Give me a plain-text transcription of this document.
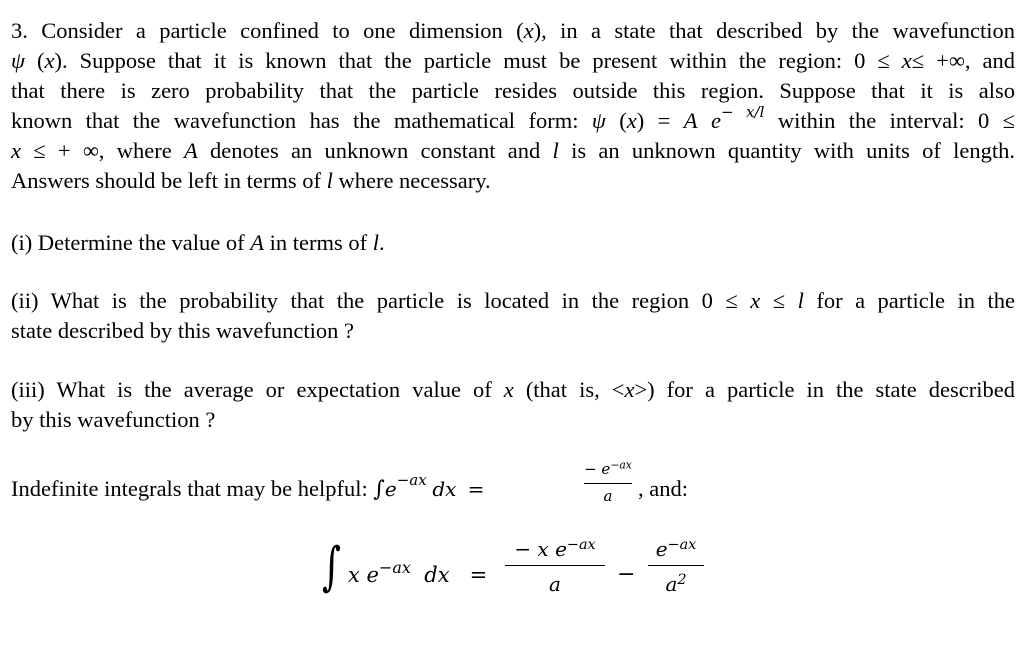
3. Consider a particle confined to one dimension (x), in a state that described by the wavefunction
ψ (x). Suppose that it is known that the particle must be present within the region: 0 ≤ x≤ +∞, and
that there is zero probability that the particle resides outside this region. Suppose that it is also
known that the wavefunction has the mathematical form: ψ (x) = A $e^{- x/l}$ within the interval: 0 ≤
x ≤ + ∞, where A denotes an unknown constant and l is an unknown quantity with units of length.
Answers should be left in terms of l where necessary.
(i) Determine the value of A in terms of l.
(ii) What is the probability that the particle is located in the region 0 ≤ x ≤ l for a particle in the
state described by this wavefunction ?
(iii) What is the average or expectation value of x (that is, <x>) for a particle in the state described
by this wavefunction ?
Indefinite integrals that may be helpful: $\int e^{-ax}$ dx =
− $e^{-ax}$
a	, and:
∫ x $e^{-ax}$ dx =
− x $e^{-ax}$
a	−
$e^{-ax}$
$a^2$
